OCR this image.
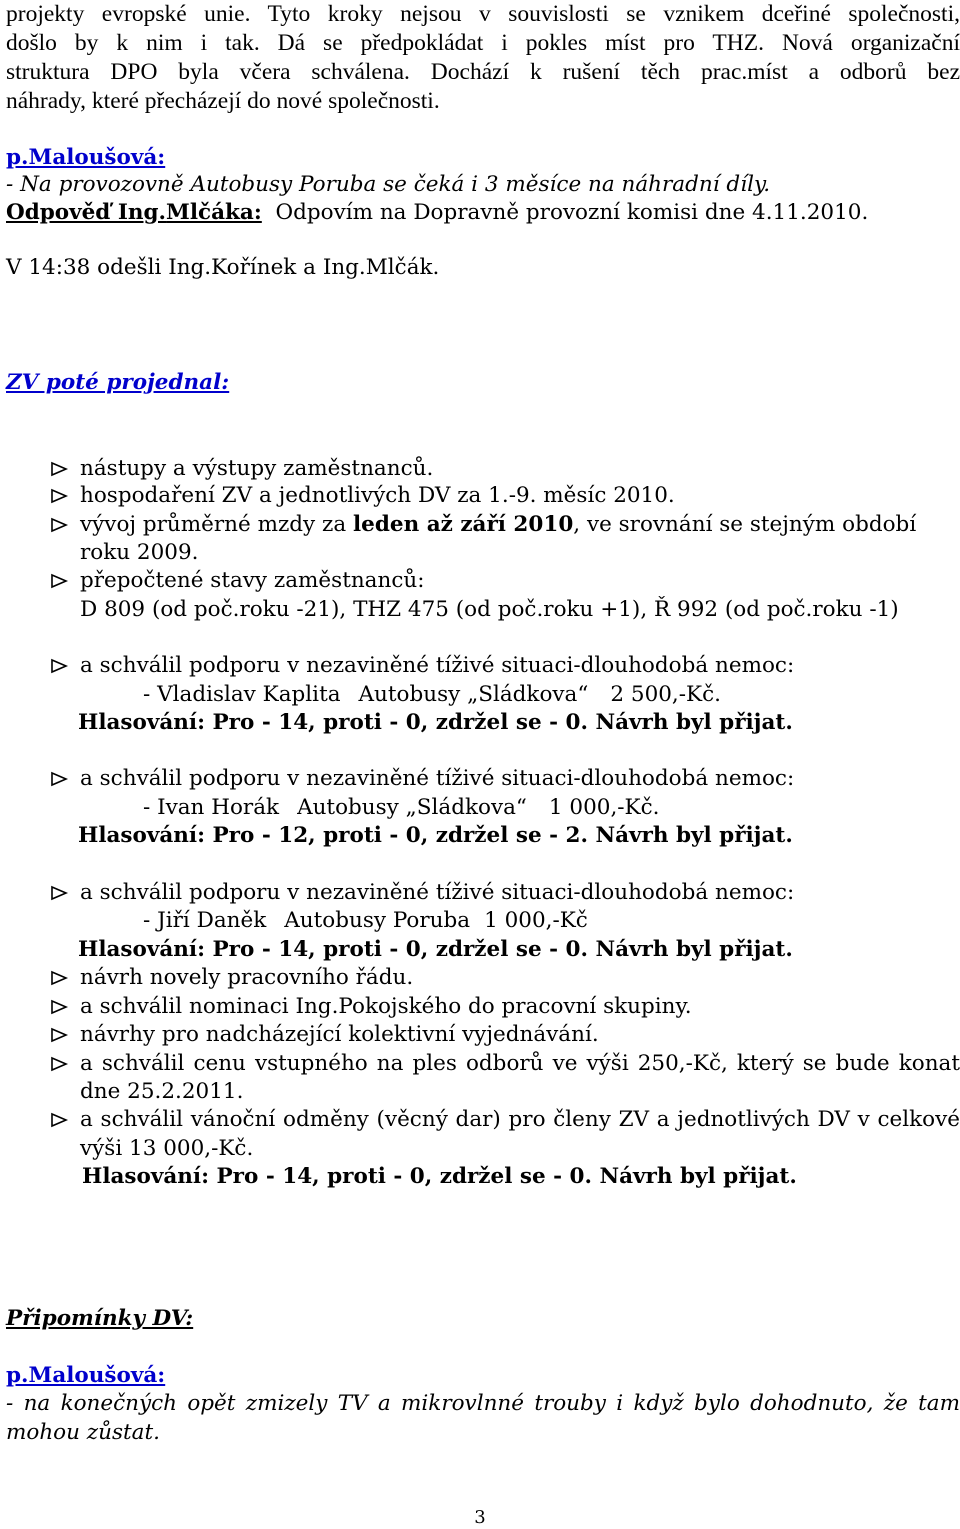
projekty evropské unie. Tyto kroky nejsou v souvislosti se vznikem dceřiné společnosti,
došlo by k nim i tak. Dá se předpokládat i pokles míst pro THZ. Nová organizační
struktura DPO byla včera schválena. Dochází k rušení těch prac.míst a odborů bez
náhrady, které přecházejí do nové společnosti.
p.Maloušová:
- Na provozovně Autobusy Poruba se čeká i 3 měsíce na náhradní díly.
Odpověď Ing.Mlčáka: Odpovím na Dopravně provozní komisi dne 4.11.2010.
V 14:38 odešli Ing.Kořínek a Ing.Mlčák.
ZV poté projednal:
nástupy a výstupy zaměstnanců.
hospodaření ZV a jednotlivých DV za 1.-9. měsíc 2010.
vývoj průměrné mzdy za leden až září 2010, ve srovnání se stejným období
roku 2009.
přepočtené stavy zaměstnanců:
D 809 (od poč.roku -21), THZ 475 (od poč.roku +1), Ř 992 (od poč.roku -1)
a schválil podporu v nezaviněné tíživé situaci-dlouhodobá nemoc:
- Vladislav Kaplita Autobusy „Sládkova“ 2 500,-Kč.
Hlasování: Pro - 14, proti - 0, zdržel se - 0. Návrh byl přijat.
a schválil podporu v nezaviněné tíživé situaci-dlouhodobá nemoc:
- Ivan Horák Autobusy „Sládkova“ 1 000,-Kč.
Hlasování: Pro - 12, proti - 0, zdržel se - 2. Návrh byl přijat.
a schválil podporu v nezaviněné tíživé situaci-dlouhodobá nemoc:
- Jiří Daněk Autobusy Poruba 1 000,-Kč
Hlasování: Pro - 14, proti - 0, zdržel se - 0. Návrh byl přijat.
návrh novely pracovního řádu.
a schválil nominaci Ing.Pokojského do pracovní skupiny.
návrhy pro nadcházející kolektivní vyjednávání.
a schválil cenu vstupného na ples odborů ve výši 250,-Kč, který se bude konat
dne 25.2.2011.
a schválil vánoční odměny (věcný dar) pro členy ZV a jednotlivých DV v celkové
výši 13 000,-Kč.
Hlasování: Pro - 14, proti - 0, zdržel se - 0. Návrh byl přijat.
Připomínky DV:
p.Maloušová:
- na konečných opět zmizely TV a mikrovlnné trouby i když bylo dohodnuto, že tam
mohou zůstat.
3
